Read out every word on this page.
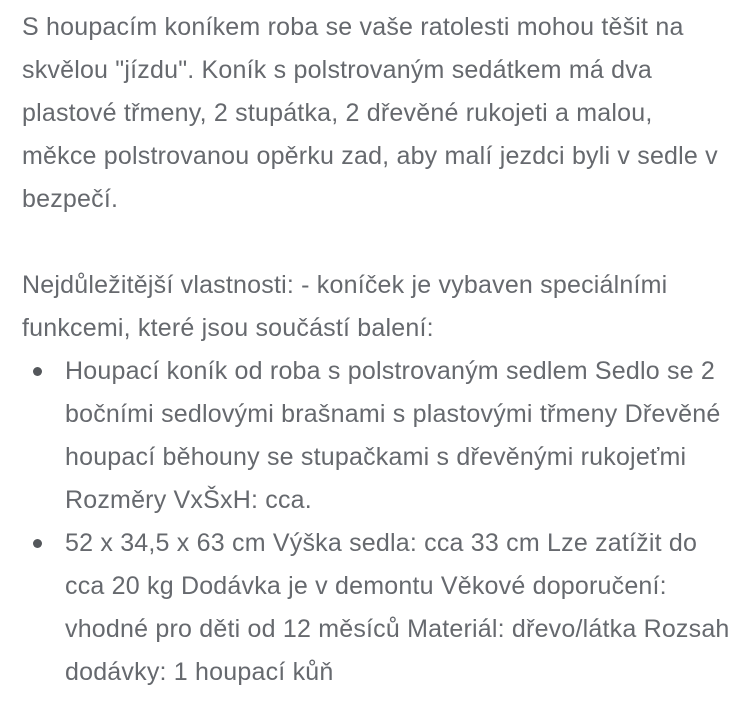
S houpacím koníkem roba se vaše ratolesti mohou těšit na skvělou "jízdu". Koník s polstrovaným sedátkem má dva plastové třmeny, 2 stupátka, 2 dřevěné rukojeti a malou, měkce polstrovanou opěrku zad, aby malí jezdci byli v sedle v bezpečí.

Nejdůležitější vlastnosti: - koníček je vybaven speciálními funkcemi, které jsou součástí balení:

Houpací koník od roba s polstrovaným sedlem Sedlo se 2 bočními sedlovými brašnami s plastovými třmeny Dřevěné houpací běhouny se stupačkami s dřevěnými rukojeťmi Rozměry VxŠxH: cca.
52 x 34,5 x 63 cm Výška sedla: cca 33 cm Lze zatížit do cca 20 kg Dodávka je v demontu Věkové doporučení: vhodné pro děti od 12 měsíců Materiál: dřevo/látka Rozsah dodávky: 1 houpací kůň
